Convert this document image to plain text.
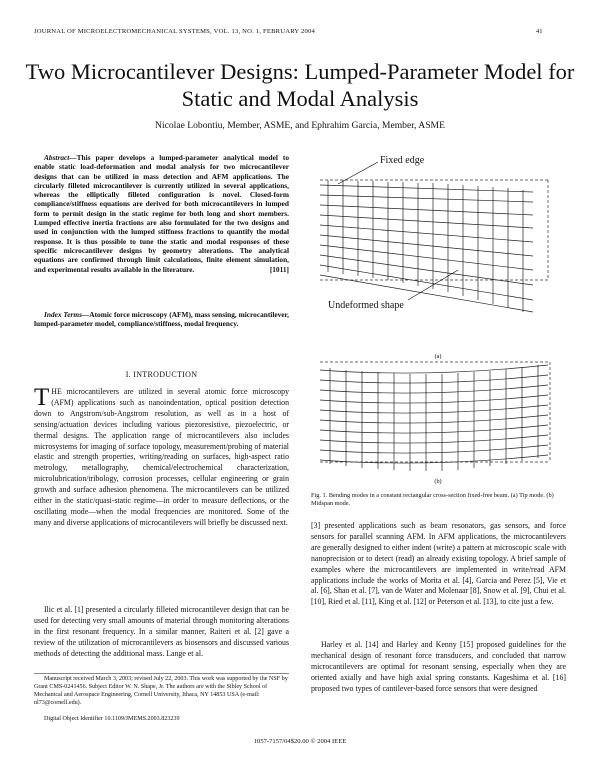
JOURNAL OF MICROELECTROMECHANICAL SYSTEMS, VOL. 13, NO. 1, FEBRUARY 2004	41
Two Microcantilever Designs: Lumped-Parameter Model for Static and Modal Analysis
Nicolae Lobontiu, Member, ASME, and Ephrahim Garcia, Member, ASME
Abstract—This paper develops a lumped-parameter analytical model to enable static load-deformation and modal analysis for two microcantilever designs that can be utilized in mass detection and AFM applications. The circularly filleted microcantilever is currently utilized in several applications, whereas the elliptically filleted configuration is novel. Closed-form compliance/stiffness equations are derived for both microcantilevers in lumped form to permit design in the static regime for both long and short members. Lumped effective inertia fractions are also formulated for the two designs and used in conjunction with the lumped stiffness fractions to quantify the modal response. It is thus possible to tune the static and modal responses of these specific microcantilever designs by geometry alterations. The analytical equations are confirmed through limit calculations, finite element simulation, and experimental results available in the literature.	[1011]
Index Terms—Atomic force microscopy (AFM), mass sensing, microcantilever, lumped-parameter model, compliance/stiffness, modal frequency.
I. INTRODUCTION
THE microcantilevers are utilized in several atomic force microscopy (AFM) applications such as nanoindentation, optical position detection down to Angstrom/sub-Angstrom resolution, as well as in a host of sensing/actuation devices including various piezoresistive, piezoelectric, or thermal designs. The application range of microcantilevers also includes microsystems for imaging of surface topology, measurement/probing of material elastic and strength properties, writing/reading on surfaces, high-aspect ratio metrology, metallography, chemical/electrochemical characterization, microlubrication/tribology, corrosion processes, cellular engineering or grain growth and surface adhesion phenomena. The microcantilevers can be utilized either in the static/quasi-static regime—in order to measure deflections, or the oscillating mode—when the modal frequencies are monitored. Some of the many and diverse applications of microcantilevers will briefly be discussed next.
Ilic et al. [1] presented a circularly filleted microcantilever design that can be used for detecting very small amounts of material through monitoring alterations in the first resonant frequency. In a similar manner, Raiteri et al. [2] gave a review of the utilization of microcantilevers as biosensors and discussed various methods of detecting the additional mass. Lange et al.

Manuscript received March 3, 2003; revised July 22, 2003. This work was supported by the NSF by Grant CMS-0241456. Subject Editor W. N. Shape, Jr. The authors are with the Sibley School of Mechanical and Aerospace Engineering, Cornell University, Ithaca, NY 14853 USA (e-mail: nl73@cornell.edu).

Digital Object Identifier 10.1109/JMEMS.2003.823239

Fixed edge
Undeformed shape
(a)
(b)
Fig. 1. Bending modes in a constant rectangular cross-section fixed-free beam. (a) Tip mode. (b) Midspan mode.
[3] presented applications such as beam resonators, gas sensors, and force sensors for parallel scanning AFM. In AFM applications, the microcantilevers are generally designed to either indent (write) a pattern at microscopic scale with nanoprecision or to detect (read) an already existing topology. A brief sample of examples where the microcantilevers are implemented in write/read AFM applications include the works of Morita et al. [4], Garcia and Perez [5], Vie et al. [6], Shao et al. [7], van de Water and Molenaar [8], Snow et al. [9], Chui et al. [10], Ried et al. [11], King et al. [12] or Peterson et al. [13], to cite just a few.
Harley et al. [14] and Harley and Kenny [15] proposed guidelines for the mechanical design of resonant force transducers, and concluded that narrow microcantilevers are optimal for resonant sensing, especially when they are oriented axially and have high axial spring constants. Kageshima et al. [16] proposed two types of cantilever-based force sensors that were designed
1057-7157/04$20.00 © 2004 IEEE
